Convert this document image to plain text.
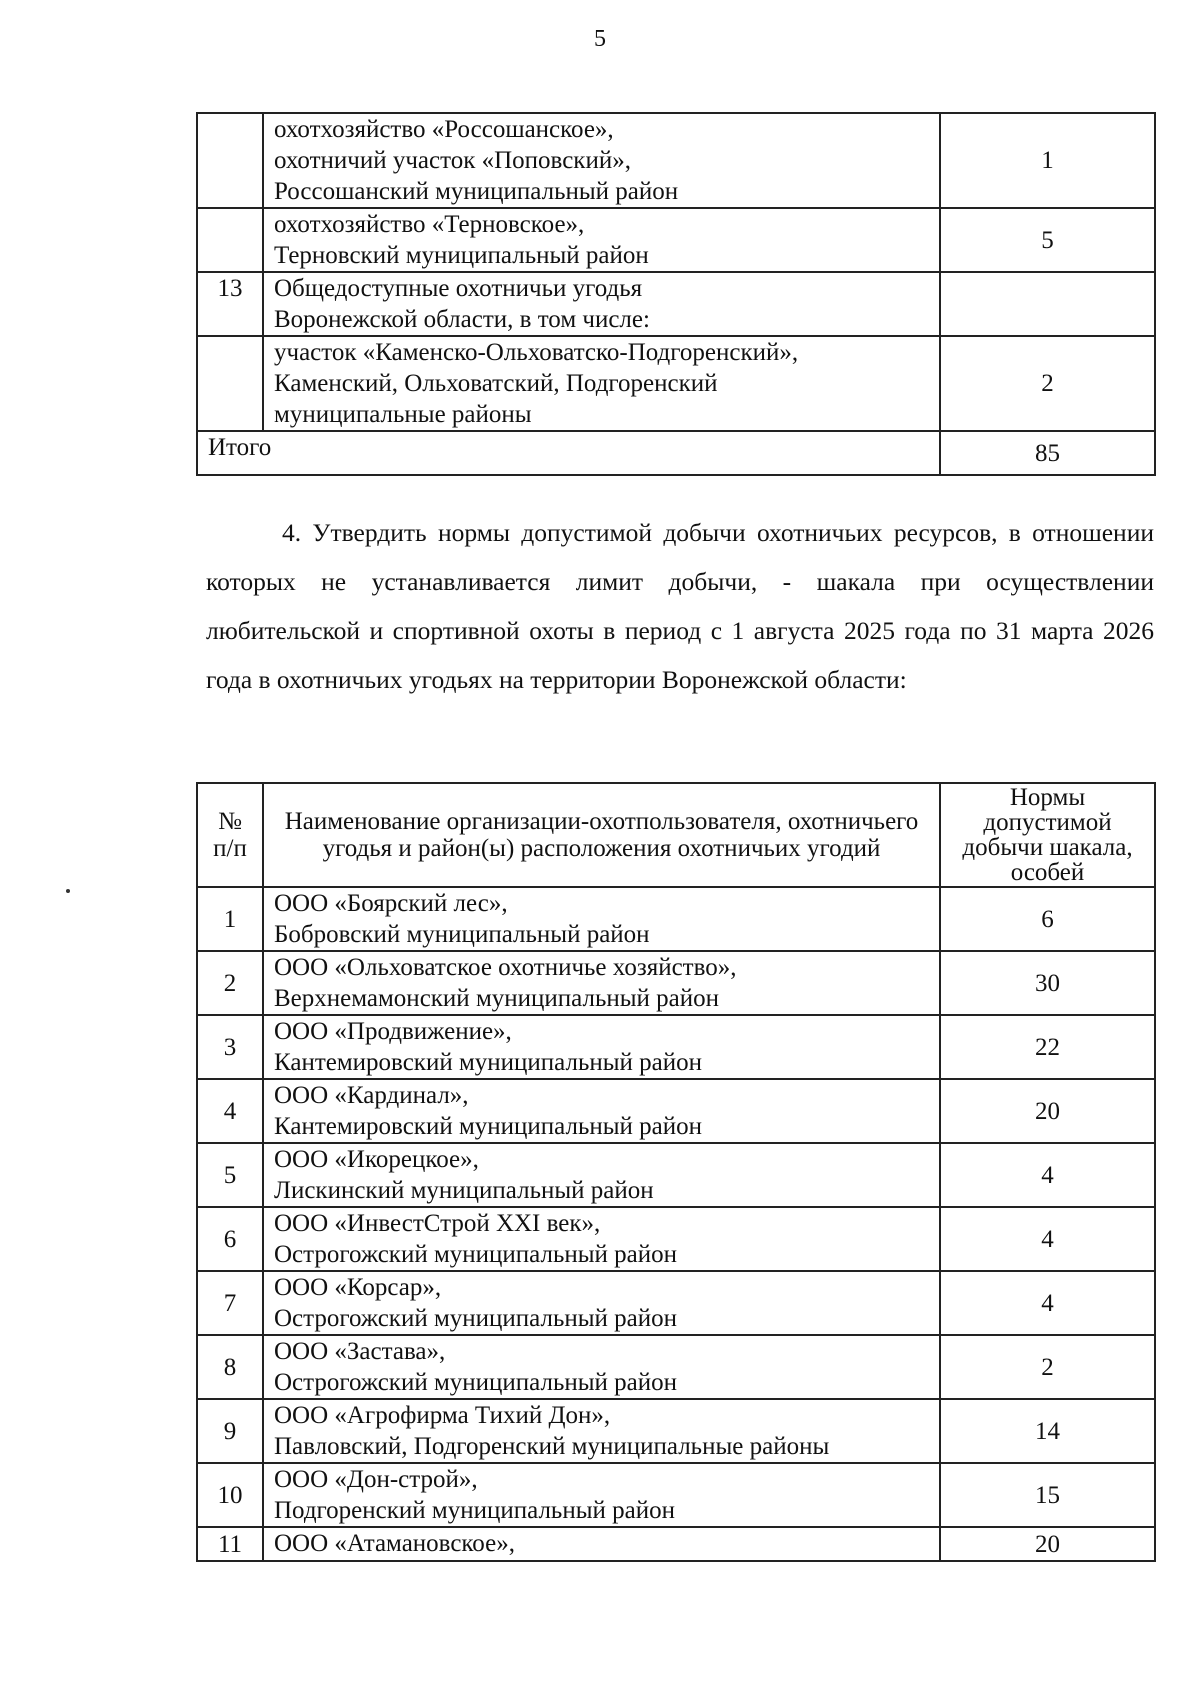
5

	охотхозяйство «Россошанское»,
охотничий участок «Поповский»,
Россошанский муниципальный район	1

	охотхозяйство «Терновское»,
Терновский муниципальный район	5
13	Общедоступные охотничьи угодья
Воронежской области, в том числе:	

	участок «Каменско-Ольховатско-Подгоренский»,
Каменский, Ольховатский, Подгоренский
муниципальные районы	2
Итого		85
4. Утвердить нормы допустимой добычи охотничьих ресурсов, в отношении которых не устанавливается лимит добычи, - шакала при осуществлении любительской и спортивной охоты в период с 1 августа 2025 года по 31 марта 2026 года в охотничьих угодьях на территории Воронежской области:
№ п/п	Наименование организации-охотпользователя, охотничьего угодья и район(ы) расположения охотничьих угодий	Нормы допустимой добычи шакала, особей
1	ООО «Боярский лес»,
Бобровский муниципальный район	6
2	ООО «Ольховатское охотничье хозяйство»,
Верхнемамонский муниципальный район	30
3	ООО «Продвижение»,
Кантемировский муниципальный район	22
4	ООО «Кардинал»,
Кантемировский муниципальный район	20
5	ООО «Икорецкое»,
Лискинский муниципальный район	4
6	ООО «ИнвестСтрой XXI век»,
Острогожский муниципальный район	4
7	ООО «Корсар»,
Острогожский муниципальный район	4
8	ООО «Застава»,
Острогожский муниципальный район	2
9	ООО «Агрофирма Тихий Дон»,
Павловский, Подгоренский муниципальные районы	14
10	ООО «Дон-строй»,
Подгоренский муниципальный район	15
11	ООО «Атамановское»,	20
